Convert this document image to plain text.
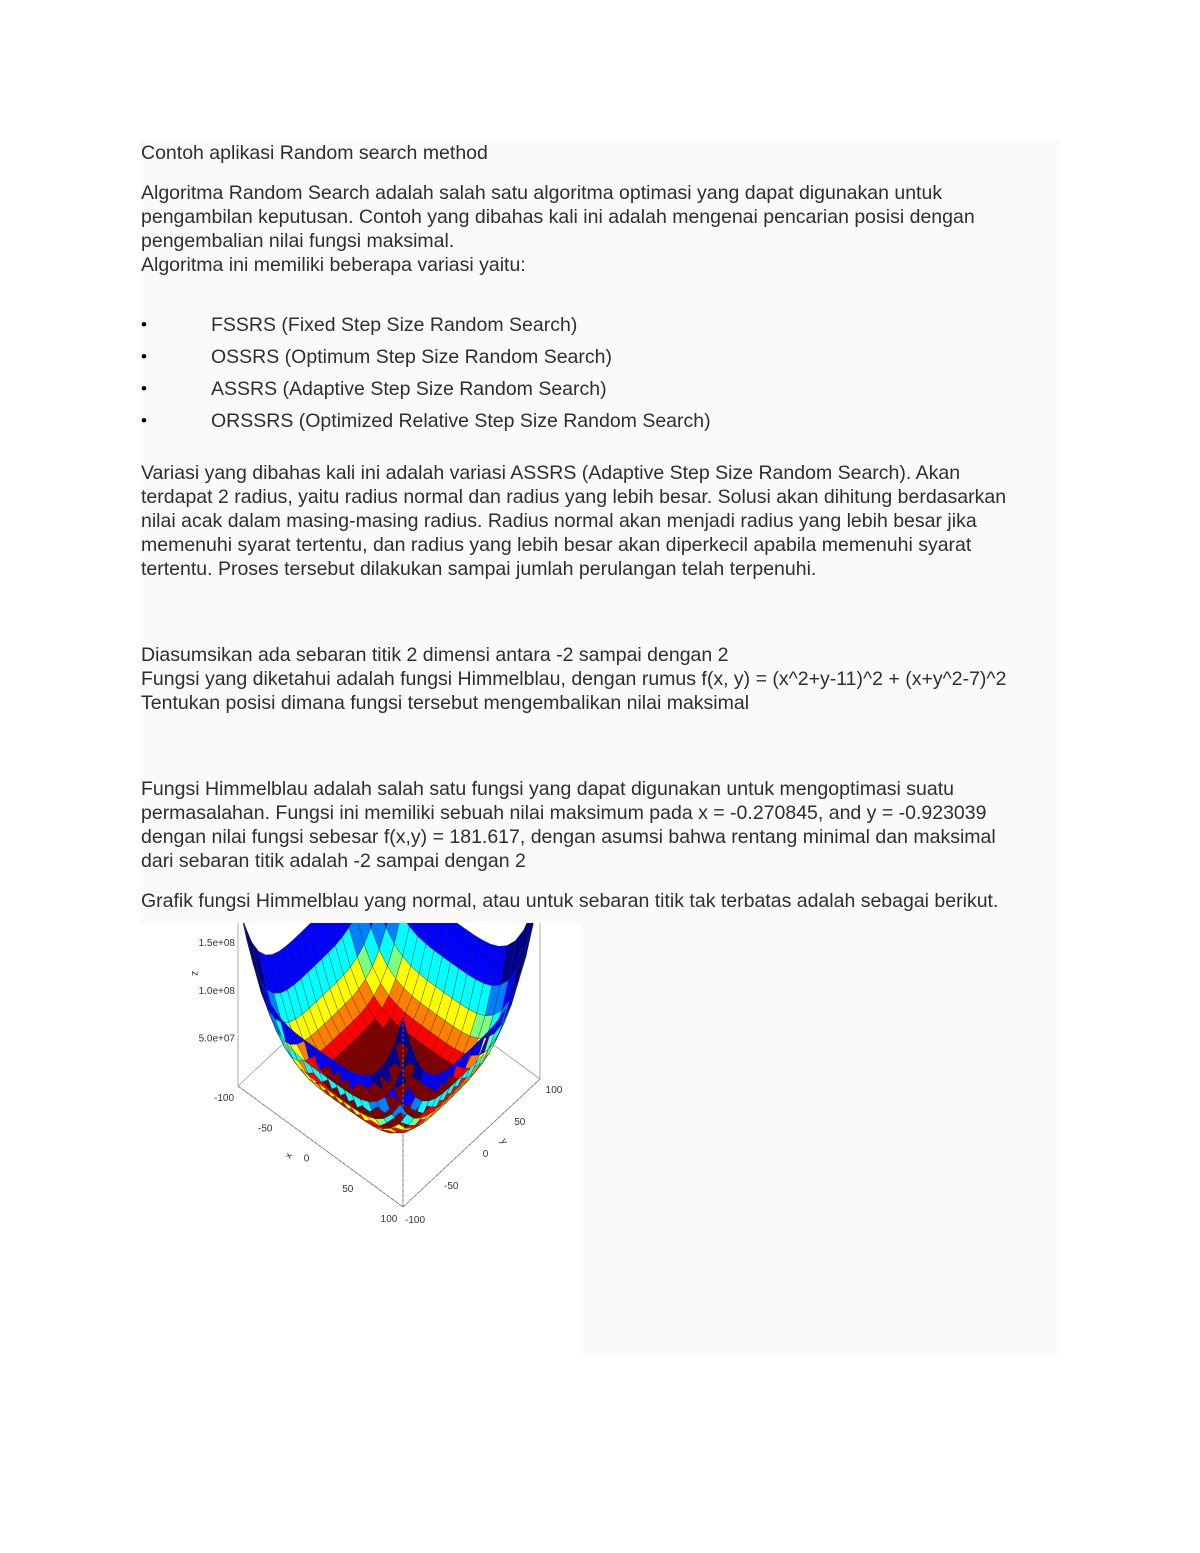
Contoh aplikasi Random search method

Algoritma Random Search adalah salah satu algoritma optimasi yang dapat digunakan untuk

pengambilan keputusan. Contoh yang dibahas kali ini adalah mengenai pencarian posisi dengan

pengembalian nilai fungsi maksimal.

Algoritma ini memiliki beberapa variasi yaitu:

•	FSSRS (Fixed Step Size Random Search)
•	OSSRS (Optimum Step Size Random Search)
•	ASSRS (Adaptive Step Size Random Search)
•	ORSSRS (Optimized Relative Step Size Random Search)

Variasi yang dibahas kali ini adalah variasi ASSRS (Adaptive Step Size Random Search). Akan

terdapat 2 radius, yaitu radius normal dan radius yang lebih besar. Solusi akan dihitung berdasarkan

nilai acak dalam masing-masing radius. Radius normal akan menjadi radius yang lebih besar jika

memenuhi syarat tertentu, dan radius yang lebih besar akan diperkecil apabila memenuhi syarat

tertentu. Proses tersebut dilakukan sampai jumlah perulangan telah terpenuhi.

Diasumsikan ada sebaran titik 2 dimensi antara -2 sampai dengan 2

Fungsi yang diketahui adalah fungsi Himmelblau, dengan rumus f(x, y) = (x^2+y-11)^2 + (x+y^2-7)^2

Tentukan posisi dimana fungsi tersebut mengembalikan nilai maksimal

Fungsi Himmelblau adalah salah satu fungsi yang dapat digunakan untuk mengoptimasi suatu

permasalahan. Fungsi ini memiliki sebuah nilai maksimum pada x = -0.270845, and y = -0.923039

dengan nilai fungsi sebesar f(x,y) = 181.617, dengan asumsi bahwa rentang minimal dan maksimal

dari sebaran titik adalah -2 sampai dengan 2

Grafik fungsi Himmelblau yang normal, atau untuk sebaran titik tak terbatas adalah sebagai berikut.

5.0e+07
1.0e+08
1.5e+08
z
-100
-50
0
50
100
x
-50
0
50
100
-100
y
